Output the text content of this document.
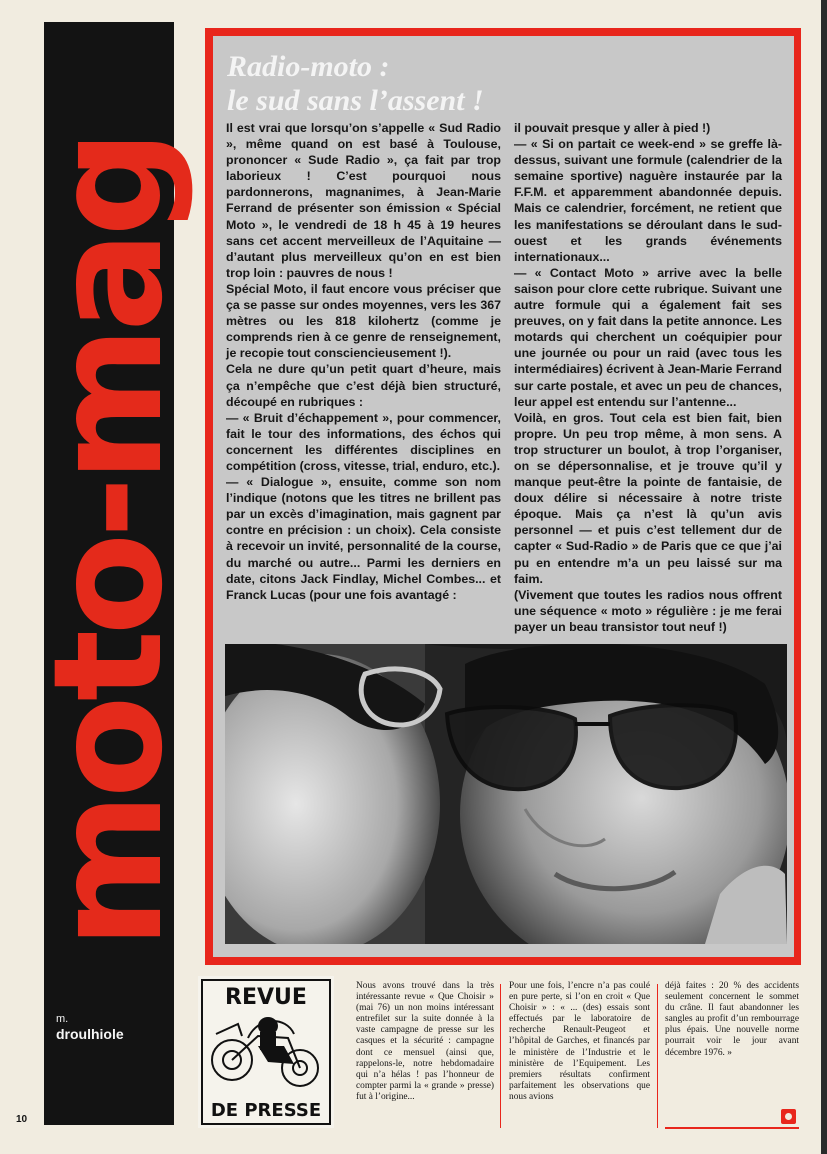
moto-mag
m.
droulhiole
10
Radio-moto :
le sud sans l’assent !

Il est vrai que lorsqu’on s’appelle « Sud Radio », même quand on est basé à Toulouse, prononcer « Sude Radio », ça fait par trop laborieux ! C’est pourquoi nous pardonnerons, magnanimes, à Jean-Marie Ferrand de présenter son émission « Spécial Moto », le vendredi de 18 h 45 à 19 heures sans cet accent merveilleux de l’Aquitaine — d’autant plus merveilleux qu’on en est bien trop loin : pauvres de nous !

Spécial Moto, il faut encore vous préciser que ça se passe sur ondes moyennes, vers les 367 mètres ou les 818 kilohertz (comme je comprends rien à ce genre de renseignement, je recopie tout consciencieusement !).

Cela ne dure qu’un petit quart d’heure, mais ça n’empêche que c’est déjà bien structuré, découpé en rubriques :

— « Bruit d’échappement », pour commencer, fait le tour des informations, des échos qui concernent les différentes disciplines en compétition (cross, vitesse, trial, enduro, etc.).

— « Dialogue », ensuite, comme son nom l’indique (notons que les titres ne brillent pas par un excès d’imagination, mais gagnent par contre en précision : un choix). Cela consiste à recevoir un invité, personnalité de la course, du marché ou autre... Parmi les derniers en date, citons Jack Findlay, Michel Combes... et Franck Lucas (pour une fois avantagé :

il pouvait presque y aller à pied !)

— « Si on partait ce week-end » se greffe là-dessus, suivant une formule (calendrier de la semaine sportive) naguère instaurée par la F.F.M. et apparemment abandonnée depuis. Mais ce calendrier, forcément, ne retient que les manifestations se déroulant dans le sud-ouest et les grands événements internationaux...

— « Contact Moto » arrive avec la belle saison pour clore cette rubrique. Suivant une autre formule qui a également fait ses preuves, on y fait dans la petite annonce. Les motards qui cherchent un coéquipier pour une journée ou pour un raid (avec tous les intermédiaires) écrivent à Jean-Marie Ferrand sur carte postale, et avec un peu de chances, leur appel est entendu sur l’antenne...

Voilà, en gros. Tout cela est bien fait, bien propre. Un peu trop même, à mon sens. A trop structurer un boulot, à trop l’organiser, on se dépersonnalise, et je trouve qu’il y manque peut-être la pointe de fantaisie, de doux délire si nécessaire à notre triste époque. Mais ça n’est là qu’un avis personnel — et puis c’est tellement dur de capter « Sud-Radio » de Paris que ce que j’ai pu en entendre m’a un peu laissé sur ma faim.

(Vivement que toutes les radios nous offrent une séquence « moto » régulière : je me ferai payer un beau transistor tout neuf !)

REVUE
DE PRESSE
Nous avons trouvé dans la très intéressante revue « Que Choisir » (mai 76) un non moins intéressant entrefilet sur la suite donnée à la vaste campagne de presse sur les casques et la sécurité : campagne dont ce mensuel (ainsi que, rappelons-le, notre hebdomadaire qui n’a hélas ! pas l’honneur de compter parmi la « grande » presse) fut à l’origine...
Pour une fois, l’encre n’a pas coulé en pure perte, si l’on en croit « Que Choisir » : « ... (des) essais sont effectués par le laboratoire de recherche Renault-Peugeot et l’hôpital de Garches, et financés par le ministère de l’Industrie et le ministère de l’Equipement. Les premiers résultats confirment parfaitement les observations que nous avions
déjà faites : 20 % des accidents seulement concernent le sommet du crâne. Il faut abandonner les sangles au profit d’un rembourrage plus épais. Une nouvelle norme pourrait voir le jour avant décembre 1976. »
